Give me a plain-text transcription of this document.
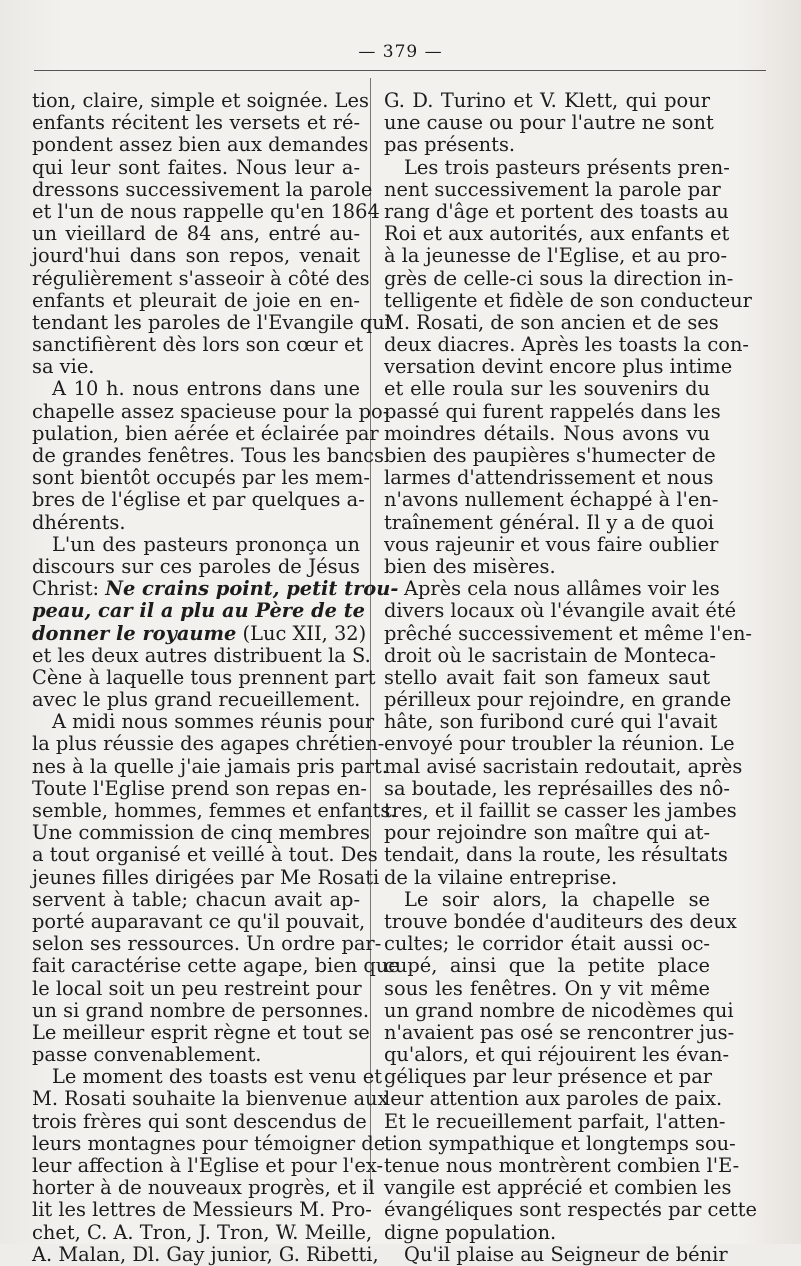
— 379 —
tion, claire, simple et soignée. Les
enfants récitent les versets et ré-
pondent assez bien aux demandes
qui leur sont faites. Nous leur a-
dressons successivement la parole
et l'un de nous rappelle qu'en 1864
un vieillard de 84 ans, entré au-
jourd'hui dans son repos, venait
régulièrement s'asseoir à côté des
enfants et pleurait de joie en en-
tendant les paroles de l'Evangile qui
sanctifièrent dès lors son cœur et
sa vie.
A 10 h. nous entrons dans une
chapelle assez spacieuse pour la po-
pulation, bien aérée et éclairée par
de grandes fenêtres. Tous les bancs
sont bientôt occupés par les mem-
bres de l'église et par quelques a-
dhérents.
L'un des pasteurs prononça un
discours sur ces paroles de Jésus
Christ: Ne crains point, petit trou-
peau, car il a plu au Père de te
donner le royaume (Luc XII, 32)
et les deux autres distribuent la S.
Cène à laquelle tous prennent part
avec le plus grand recueillement.
A midi nous sommes réunis pour
la plus réussie des agapes chrétien-
nes à la quelle j'aie jamais pris part.
Toute l'Eglise prend son repas en-
semble, hommes, femmes et enfants.
Une commission de cinq membres
a tout organisé et veillé à tout. Des
jeunes filles dirigées par Me Rosati
servent à table; chacun avait ap-
porté auparavant ce qu'il pouvait,
selon ses ressources. Un ordre par-
fait caractérise cette agape, bien que
le local soit un peu restreint pour
un si grand nombre de personnes.
Le meilleur esprit règne et tout se
passe convenablement.
Le moment des toasts est venu et
M. Rosati souhaite la bienvenue aux
trois frères qui sont descendus de
leurs montagnes pour témoigner de
leur affection à l'Eglise et pour l'ex-
horter à de nouveaux progrès, et il
lit les lettres de Messieurs M. Pro-
chet, C. A. Tron, J. Tron, W. Meille,
A. Malan, Dl. Gay junior, G. Ribetti,
G. D. Turino et V. Klett, qui pour
une cause ou pour l'autre ne sont
pas présents.
Les trois pasteurs présents pren-
nent successivement la parole par
rang d'âge et portent des toasts au
Roi et aux autorités, aux enfants et
à la jeunesse de l'Eglise, et au pro-
grès de celle-ci sous la direction in-
telligente et fidèle de son conducteur
M. Rosati, de son ancien et de ses
deux diacres. Après les toasts la con-
versation devint encore plus intime
et elle roula sur les souvenirs du
passé qui furent rappelés dans les
moindres détails. Nous avons vu
bien des paupières s'humecter de
larmes d'attendrissement et nous
n'avons nullement échappé à l'en-
traînement général. Il y a de quoi
vous rajeunir et vous faire oublier
bien des misères.
Après cela nous allâmes voir les
divers locaux où l'évangile avait été
prêché successivement et même l'en-
droit où le sacristain de Monteca-
stello avait fait son fameux saut
périlleux pour rejoindre, en grande
hâte, son furibond curé qui l'avait
envoyé pour troubler la réunion. Le
mal avisé sacristain redoutait, après
sa boutade, les représailles des nô-
tres, et il faillit se casser les jambes
pour rejoindre son maître qui at-
tendait, dans la route, les résultats
de la vilaine entreprise.
Le soir alors, la chapelle se
trouve bondée d'auditeurs des deux
cultes; le corridor était aussi oc-
cupé, ainsi que la petite place
sous les fenêtres. On y vit même
un grand nombre de nicodèmes qui
n'avaient pas osé se rencontrer jus-
qu'alors, et qui réjouirent les évan-
géliques par leur présence et par
leur attention aux paroles de paix.
Et le recueillement parfait, l'atten-
tion sympathique et longtemps sou-
tenue nous montrèrent combien l'E-
vangile est apprécié et combien les
évangéliques sont respectés par cette
digne population.
Qu'il plaise au Seigneur de bénir
